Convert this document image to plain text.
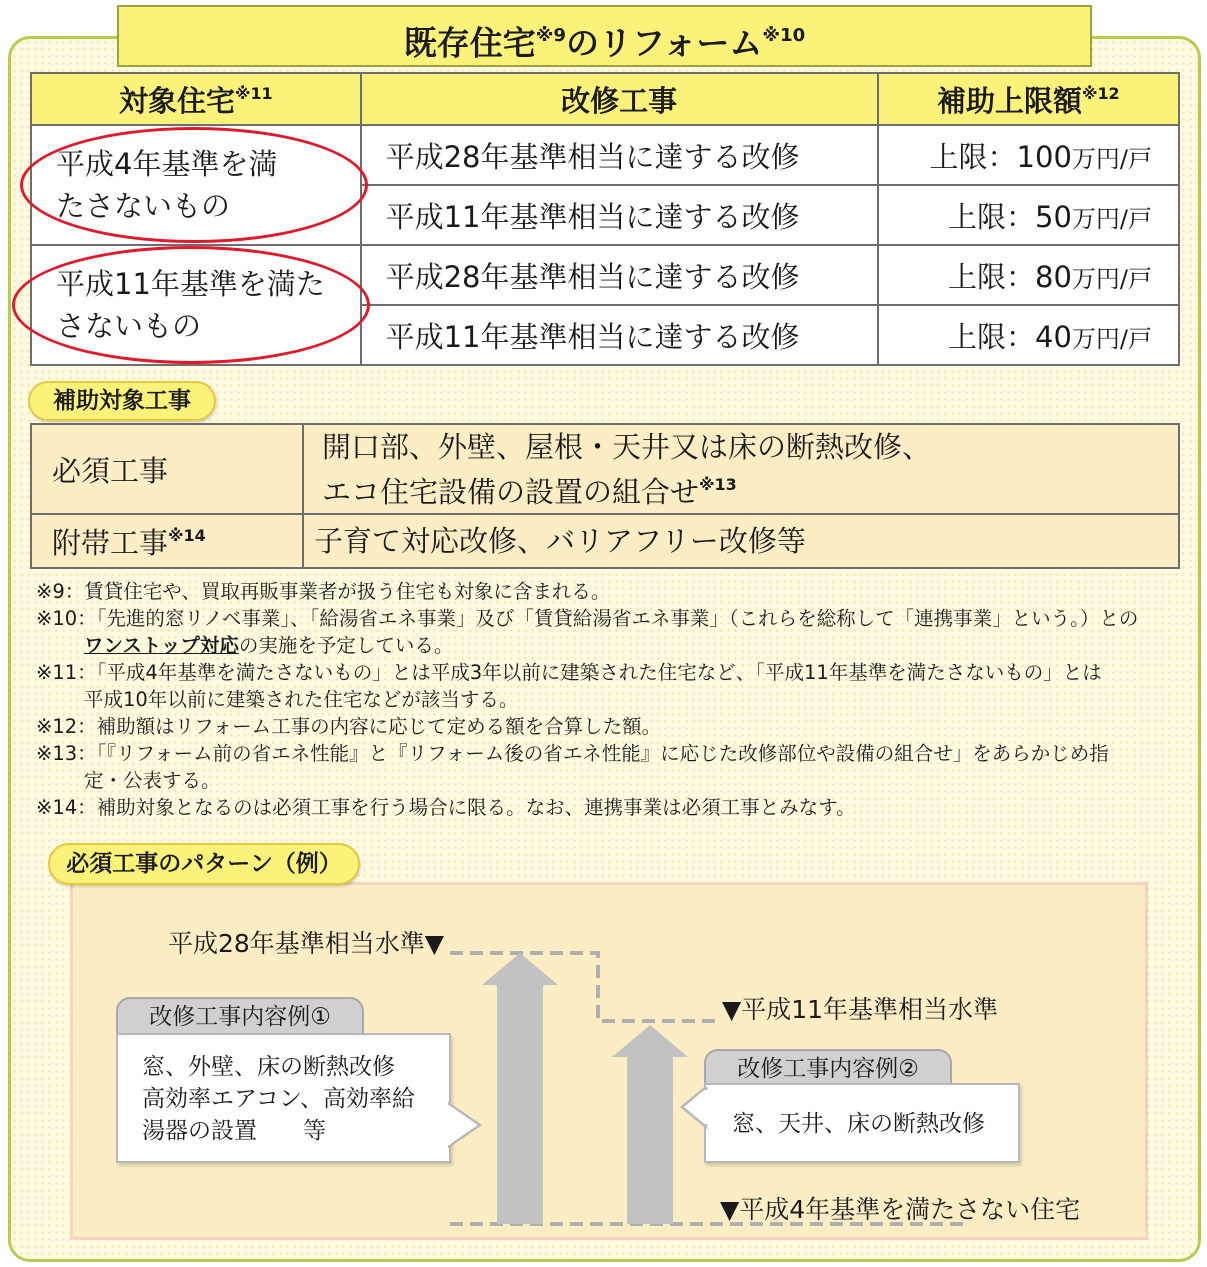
既存住宅$^{※9}$のリフォーム$^{※10}$
対象住宅$^{※11}$	改修工事	補助上限額$^{※12}$

平成4年基準を満たさないもの	平成28年基準相当に達する改修	上限：100万円/戸
	平成11年基準相当に達する改修	上限：50万円/戸

平成11年基準を満たさないもの	平成28年基準相当に達する改修	上限：80万円/戸
	平成11年基準相当に達する改修	上限：40万円/戸
補助対象工事
必須工事	開口部、外壁、屋根・天井又は床の断熱改修、
エコ住宅設備の設置の組合せ$^{※13}$

附帯工事$^{※14}$	子育て対応改修、バリアフリー改修等
※9：賃貸住宅や、買取再販事業者が扱う住宅も対象に含まれる。
※10：「先進的窓リノベ事業」、「給湯省エネ事業」及び「賃貸給湯省エネ事業」（これらを総称して「連携事業」という。）との
ワンストップ対応の実施を予定している。
※11：「平成4年基準を満たさないもの」とは平成3年以前に建築された住宅など、「平成11年基準を満たさないもの」とは
平成10年以前に建築された住宅などが該当する。
※12：補助額はリフォーム工事の内容に応じて定める額を合算した額。
※13：「『リフォーム前の省エネ性能』と『リフォーム後の省エネ性能』に応じた改修部位や設備の組合せ」をあらかじめ指
定・公表する。
※14：補助対象となるのは必須工事を行う場合に限る。なお、連携事業は必須工事とみなす。
必須工事のパターン（例）
平成28年基準相当水準▼
▼平成11年基準相当水準
▼平成4年基準を満たさない住宅
改修工事内容例①
窓、外壁、床の断熱改修
高効率エアコン、高効率給
湯器の設置　　等
改修工事内容例②
窓、天井、床の断熱改修
